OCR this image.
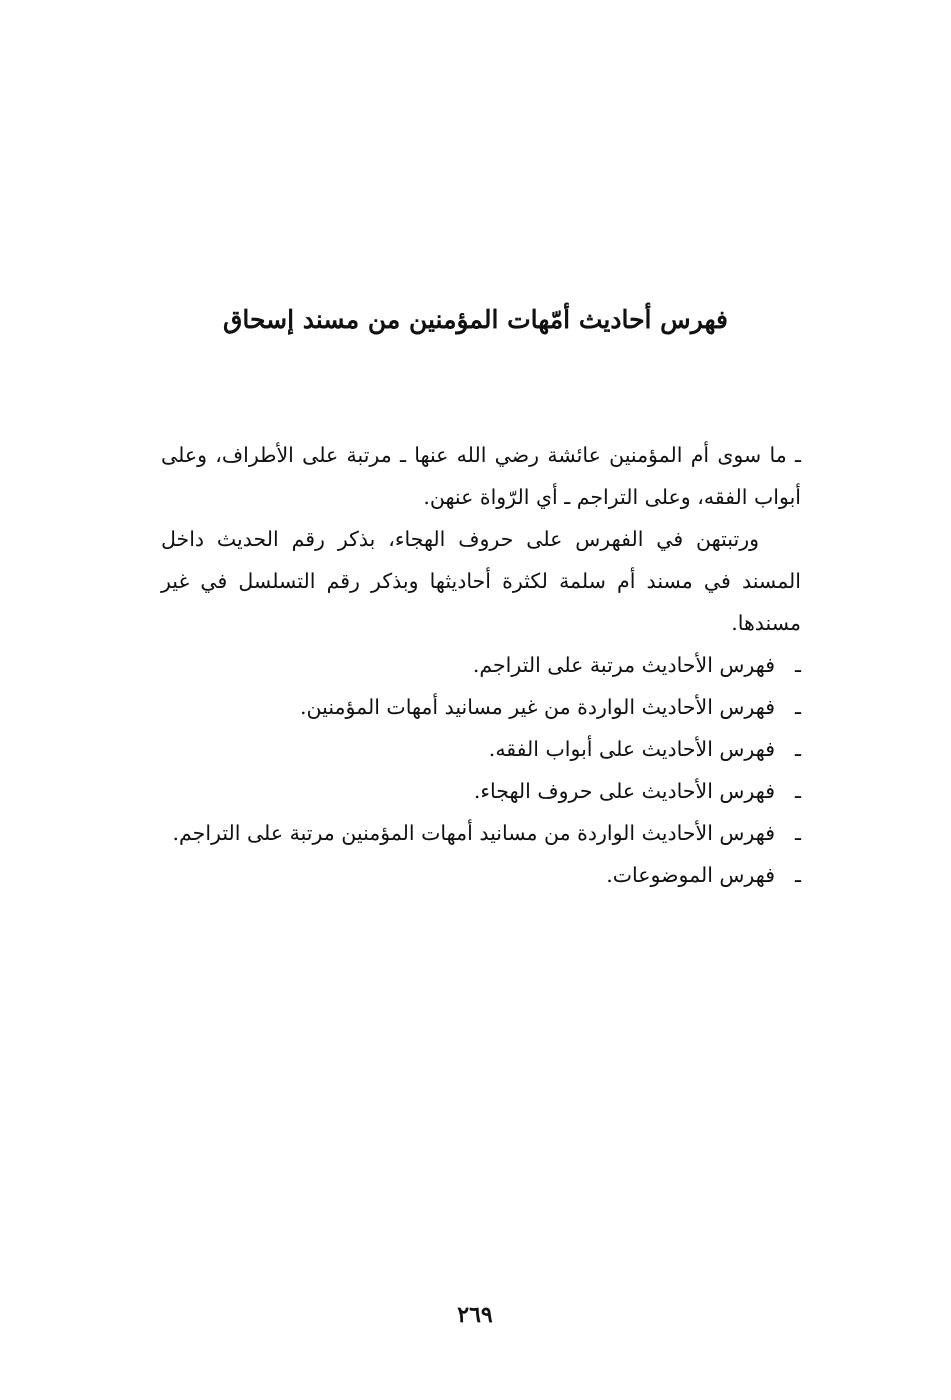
فهرس أحاديث أمّهات المؤمنين من مسند إسحاق

ـ ما سوى أم المؤمنين عائشة رضي الله عنها ـ مرتبة على الأطراف، وعلى أبواب الفقه، وعلى التراجم ـ أي الرّواة عنهن.

ورتبتهن في الفهرس على حروف الهجاء، بذكر رقم الحديث داخل المسند في مسند أم سلمة لكثرة أحاديثها وبذكر رقم التسلسل في غير مسندها.

ـ
فهرس الأحاديث مرتبة على التراجم.
ـ
فهرس الأحاديث الواردة من غير مسانيد أمهات المؤمنين.
ـ
فهرس الأحاديث على أبواب الفقه.
ـ
فهرس الأحاديث على حروف الهجاء.
ـ
فهرس الأحاديث الواردة من مسانيد أمهات المؤمنين مرتبة على التراجم.
ـ
فهرس الموضوعات.
٢٦٩
